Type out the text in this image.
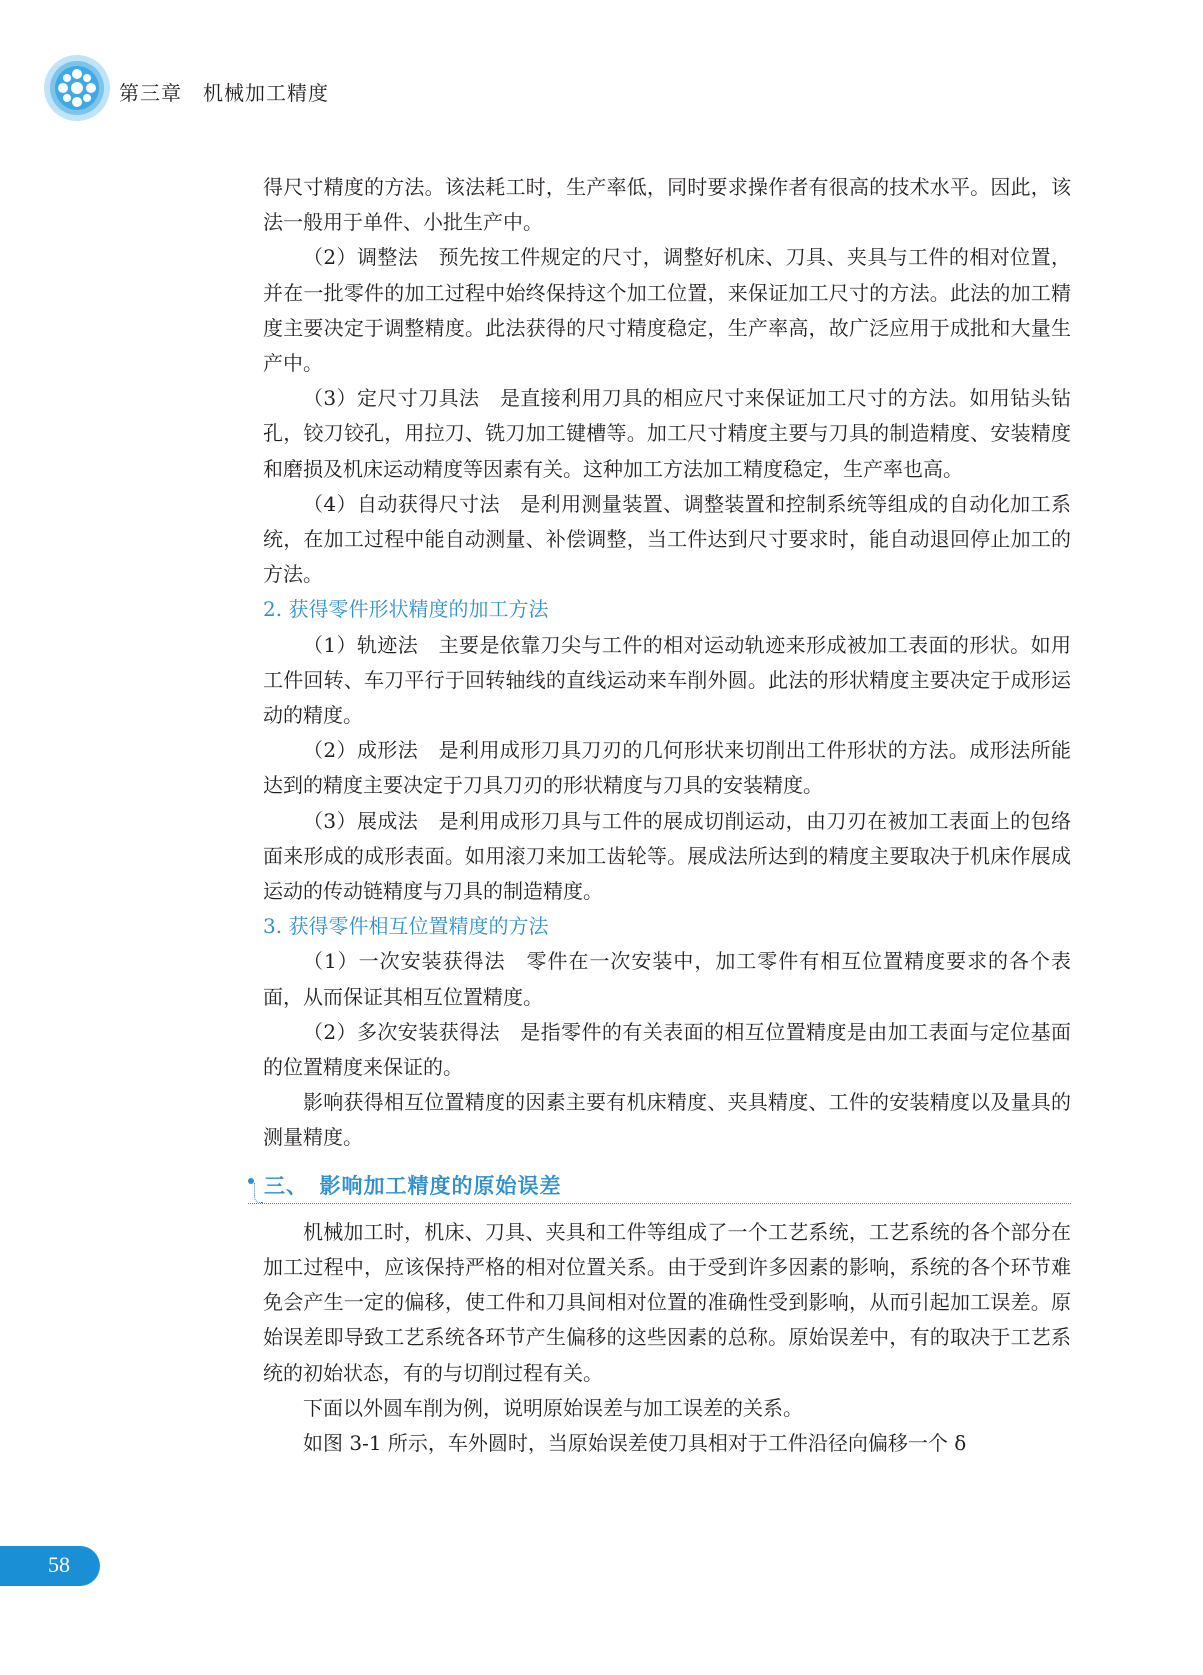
第三章　机械加工精度

得尺寸精度的方法。该法耗工时，生产率低，同时要求操作者有很高的技术水平。因此，该法一般用于单件、小批生产中。

（2）调整法　预先按工件规定的尺寸，调整好机床、刀具、夹具与工件的相对位置，并在一批零件的加工过程中始终保持这个加工位置，来保证加工尺寸的方法。此法的加工精度主要决定于调整精度。此法获得的尺寸精度稳定，生产率高，故广泛应用于成批和大量生产中。

（3）定尺寸刀具法　是直接利用刀具的相应尺寸来保证加工尺寸的方法。如用钻头钻孔，铰刀铰孔，用拉刀、铣刀加工键槽等。加工尺寸精度主要与刀具的制造精度、安装精度和磨损及机床运动精度等因素有关。这种加工方法加工精度稳定，生产率也高。

（4）自动获得尺寸法　是利用测量装置、调整装置和控制系统等组成的自动化加工系统，在加工过程中能自动测量、补偿调整，当工件达到尺寸要求时，能自动退回停止加工的方法。

2. 获得零件形状精度的加工方法

（1）轨迹法　主要是依靠刀尖与工件的相对运动轨迹来形成被加工表面的形状。如用工件回转、车刀平行于回转轴线的直线运动来车削外圆。此法的形状精度主要决定于成形运动的精度。

（2）成形法　是利用成形刀具刀刃的几何形状来切削出工件形状的方法。成形法所能达到的精度主要决定于刀具刀刃的形状精度与刀具的安装精度。

（3）展成法　是利用成形刀具与工件的展成切削运动，由刀刃在被加工表面上的包络面来形成的成形表面。如用滚刀来加工齿轮等。展成法所达到的精度主要取决于机床作展成运动的传动链精度与刀具的制造精度。

3. 获得零件相互位置精度的方法

（1）一次安装获得法　零件在一次安装中，加工零件有相互位置精度要求的各个表面，从而保证其相互位置精度。

（2）多次安装获得法　是指零件的有关表面的相互位置精度是由加工表面与定位基面的位置精度来保证的。

影响获得相互位置精度的因素主要有机床精度、夹具精度、工件的安装精度以及量具的测量精度。

三、　影响加工精度的原始误差

机械加工时，机床、刀具、夹具和工件等组成了一个工艺系统，工艺系统的各个部分在加工过程中，应该保持严格的相对位置关系。由于受到许多因素的影响，系统的各个环节难免会产生一定的偏移，使工件和刀具间相对位置的准确性受到影响，从而引起加工误差。原始误差即导致工艺系统各环节产生偏移的这些因素的总称。原始误差中，有的取决于工艺系统的初始状态，有的与切削过程有关。

下面以外圆车削为例，说明原始误差与加工误差的关系。

如图 3-1 所示，车外圆时，当原始误差使刀具相对于工件沿径向偏移一个 δ

58
